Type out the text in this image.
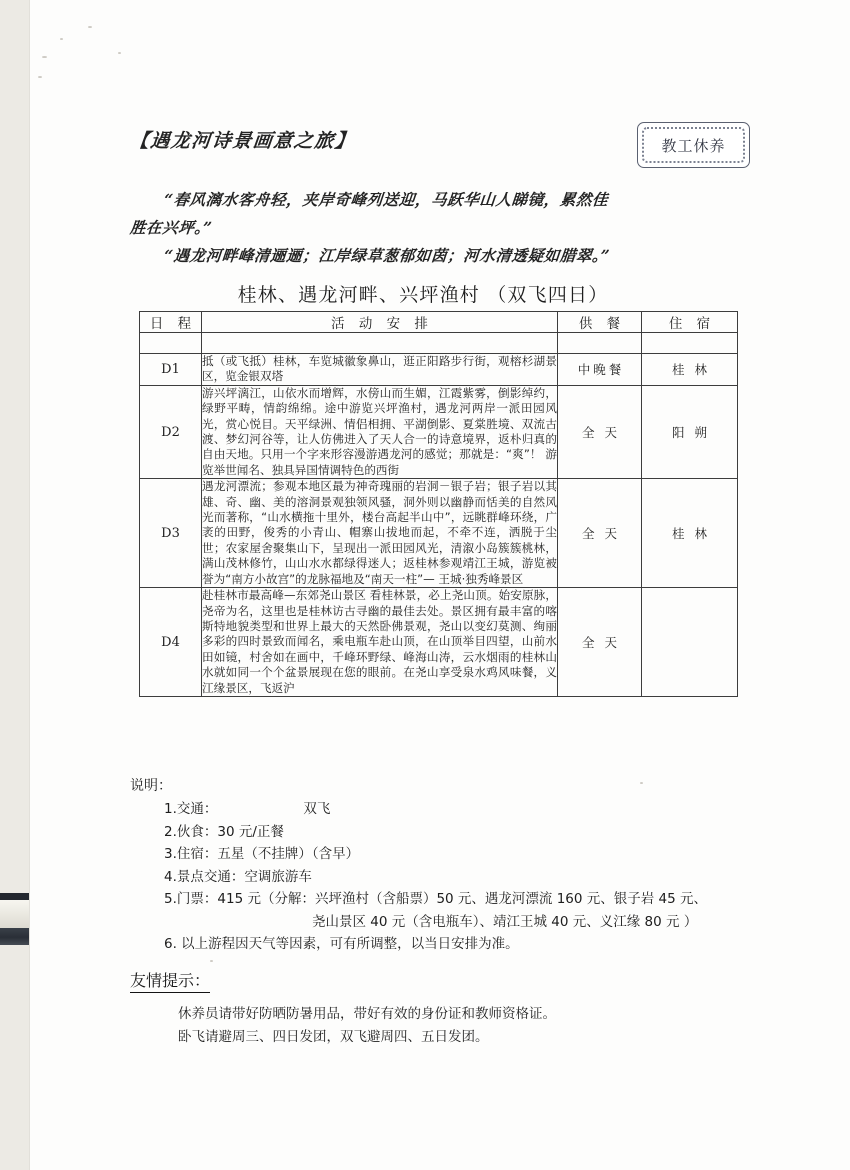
【遇龙河诗景画意之旅】	教工休养
“春风漓水客舟轻，夹岸奇峰列送迎，马跃华山人睇镜，累然佳
胜在兴坪。”
“遇龙河畔峰清逦逦；江岸绿草葱郁如茵；河水清透疑如腊翠。”
桂林、遇龙河畔、兴坪渔村 （双飞四日）
日 程	活 动 安 排	供 餐	住 宿

D1	抵（或飞抵）桂林，车览城徽象鼻山，逛正阳路步行街，观榕杉湖景区，览金银双塔	中晚餐	桂 林
D2	游兴坪漓江，山依水而增辉，水傍山而生媚，江霞紫雾，倒影绰约，绿野平畴，情韵绵绵。途中游览兴坪渔村，遇龙河两岸一派田园风光，赏心悦目。天平绿洲、情侣相拥、平湖倒影、夏棠胜境、双流古渡、梦幻河谷等，让人仿佛进入了天人合一的诗意境界，返朴归真的自由天地。只用一个字来形容漫游遇龙河的感觉；那就是：“爽”！ 游览举世闻名、独具异国情调特色的西街	全 天	阳 朔
D3	遇龙河漂流；参观本地区最为神奇瑰丽的岩洞－银子岩；银子岩以其雄、奇、幽、美的溶洞景观独领风骚，洞外则以幽静而恬美的自然风光而著称，“山水横拖十里外，楼台高起半山中”，远眺群峰环绕，广袤的田野，俊秀的小青山、帽寨山拔地而起，不牵不连，洒脱于尘世；农家屋舍聚集山下，呈现出一派田园风光，清溆小岛簇簇桃林，满山茂林修竹，山山水水都绿得迷人；返桂林参观靖江王城，游览被誉为“南方小故宫”的龙脉福地及“南天一柱”— 王城·独秀峰景区	全 天	桂 林
D4	赴桂林市最高峰—东郊尧山景区 看桂林景，必上尧山顶。始安原脉，尧帝为名，这里也是桂林访古寻幽的最佳去处。景区拥有最丰富的喀斯特地貌类型和世界上最大的天然卧佛景观，尧山以变幻莫测、绚丽多彩的四时景致而闻名，乘电瓶车赴山顶，在山顶举目四望，山前水田如镜，村舍如在画中，千峰环野绿、峰海山涛，云水烟雨的桂林山水就如同一个个盆景展现在您的眼前。在尧山享受泉水鸡风味餐，义江缘景区，飞返沪	全 天	
说明：
1.交通：	双飞
2.伙食：30 元/正餐
3.住宿：五星（不挂牌）（含早）
4.景点交通：空调旅游车
5.门票：415 元（分解：兴坪渔村（含船票）50 元、遇龙河漂流 160 元、银子岩 45 元、
尧山景区 40 元（含电瓶车）、靖江王城 40 元、义江缘 80 元 ）
6. 以上游程因天气等因素，可有所调整，以当日安排为准。
友情提示：
休养员请带好防晒防暑用品，带好有效的身份证和教师资格证。
卧飞请避周三、四日发团，双飞避周四、五日发团。
